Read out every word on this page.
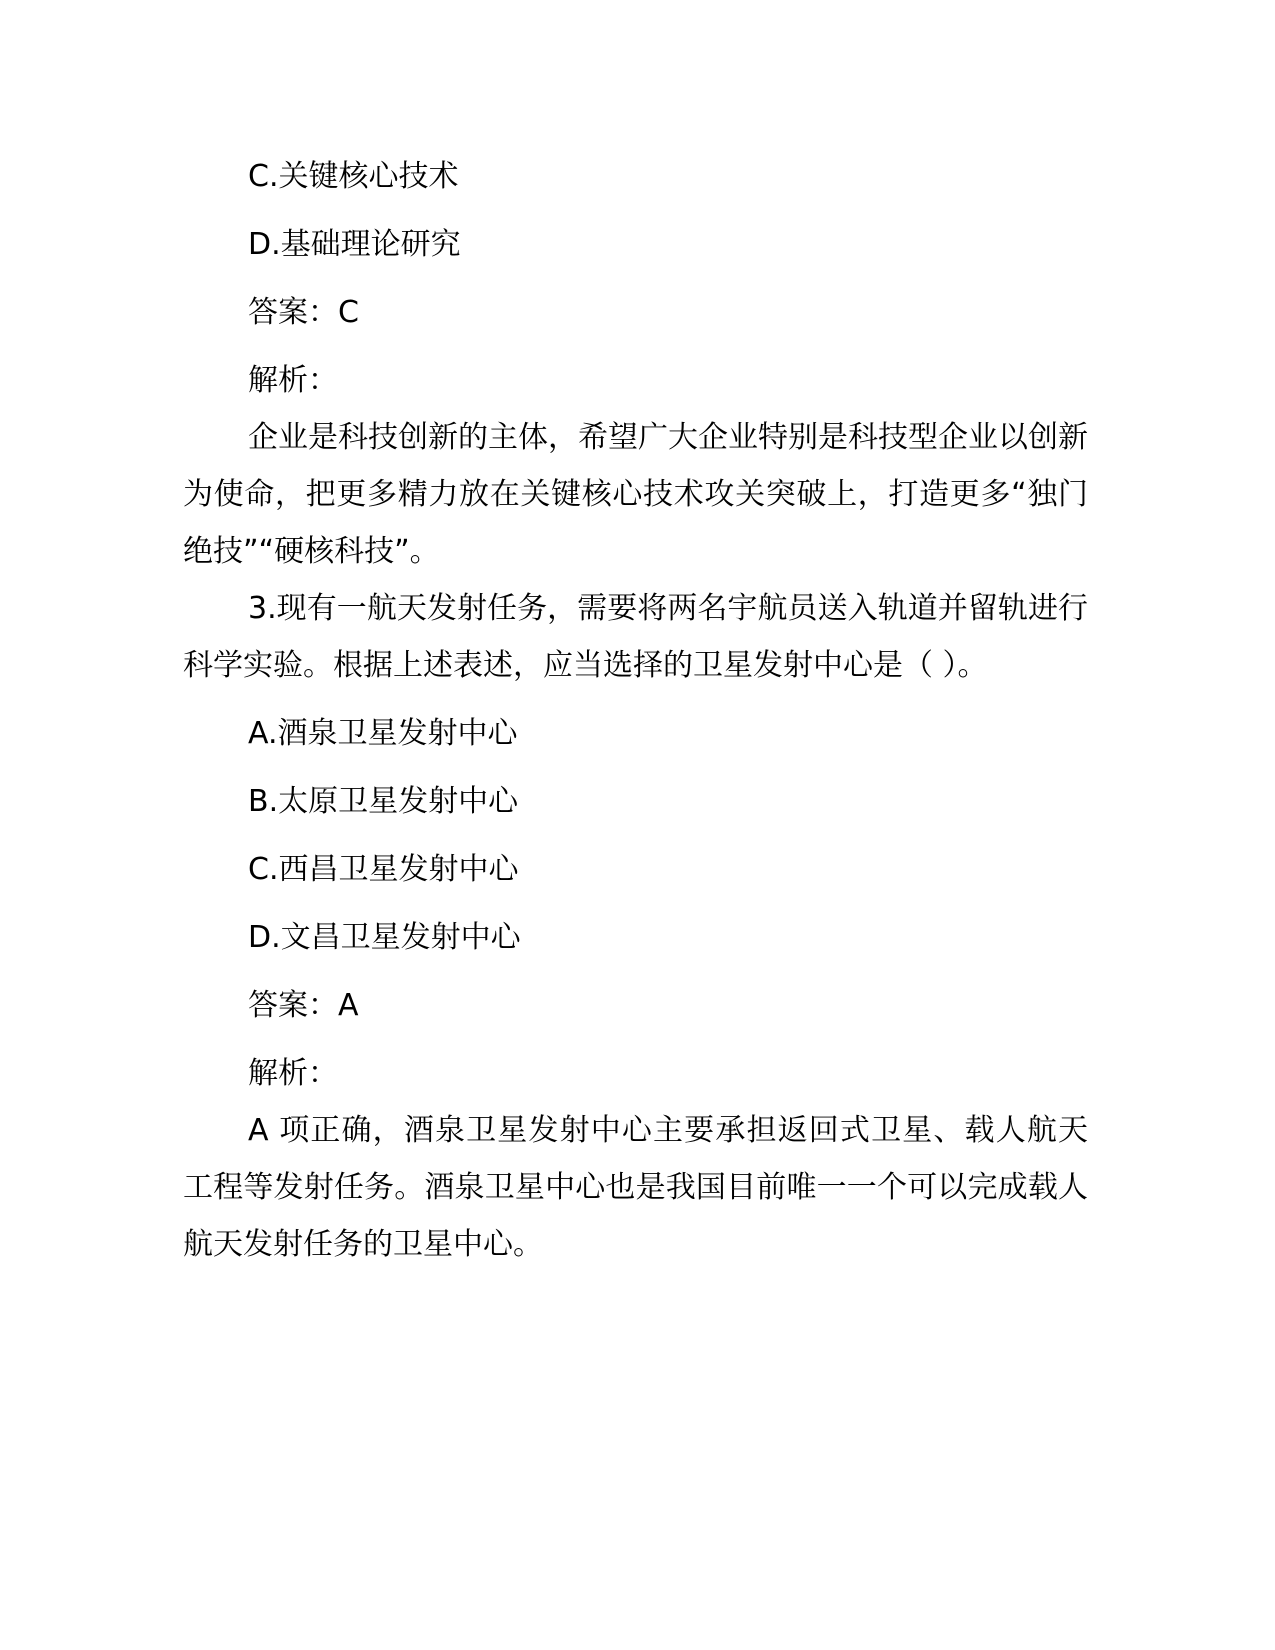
C.关键核心技术

D.基础理论研究

答案：C

解析：

企业是科技创新的主体，希望广大企业特别是科技型企业以创新为使命，把更多精力放在关键核心技术攻关突破上，打造更多“独门绝技”“硬核科技”。

3.现有一航天发射任务，需要将两名宇航员送入轨道并留轨进行科学实验。根据上述表述，应当选择的卫星发射中心是（ ）。

A.酒泉卫星发射中心

B.太原卫星发射中心

C.西昌卫星发射中心

D.文昌卫星发射中心

答案：A

解析：

A 项正确，酒泉卫星发射中心主要承担返回式卫星、载人航天工程等发射任务。酒泉卫星中心也是我国目前唯一一个可以完成载人航天发射任务的卫星中心。
